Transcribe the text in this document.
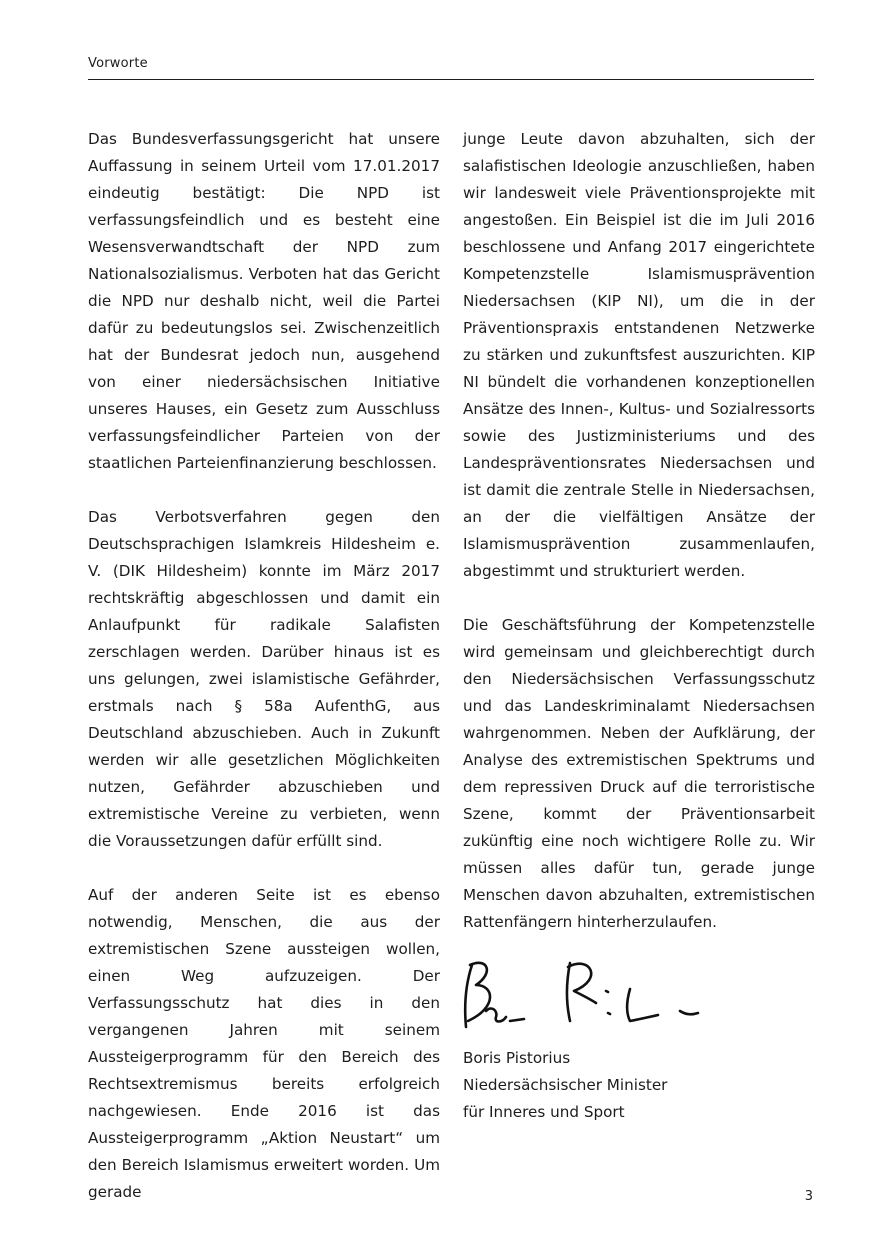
Vorworte

Das Bundesverfassungsgericht hat unsere Auffassung in seinem Urteil vom 17.01.2017 eindeutig bestätigt: Die NPD ist verfassungsfeindlich und es besteht eine Wesensverwandtschaft der NPD zum Nationalsozialismus. Verboten hat das Gericht die NPD nur deshalb nicht, weil die Partei dafür zu bedeutungslos sei. Zwischenzeitlich hat der Bundesrat jedoch nun, ausgehend von einer niedersächsischen Initiative unseres Hauses, ein Gesetz zum Ausschluss verfassungsfeindlicher Parteien von der staatlichen Parteienfinanzierung beschlossen.

Das Verbotsverfahren gegen den Deutschsprachigen Islamkreis Hildesheim e. V. (DIK Hildesheim) konnte im März 2017 rechtskräftig abgeschlossen und damit ein Anlaufpunkt für radikale Salafisten zerschlagen werden. Darüber hinaus ist es uns gelungen, zwei islamistische Gefährder, erstmals nach § 58a AufenthG, aus Deutschland abzuschieben. Auch in Zukunft werden wir alle gesetzlichen Möglichkeiten nutzen, Gefährder abzuschieben und extremistische Vereine zu verbieten, wenn die Voraussetzungen dafür erfüllt sind.

Auf der anderen Seite ist es ebenso notwendig, Menschen, die aus der extremistischen Szene aussteigen wollen, einen Weg aufzuzeigen. Der Verfassungsschutz hat dies in den vergangenen Jahren mit seinem Aussteigerprogramm für den Bereich des Rechtsextremismus bereits erfolgreich nachgewiesen. Ende 2016 ist das Aussteigerprogramm „Aktion Neustart“ um den Bereich Islamismus erweitert worden. Um gerade

junge Leute davon abzuhalten, sich der salafistischen Ideologie anzuschließen, haben wir landesweit viele Präventionsprojekte mit angestoßen. Ein Beispiel ist die im Juli 2016 beschlossene und Anfang 2017 eingerichtete Kompetenzstelle Islamismusprävention Niedersachsen (KIP NI), um die in der Präventionspraxis entstandenen Netzwerke zu stärken und zukunftsfest auszurichten. KIP NI bündelt die vorhandenen konzeptionellen Ansätze des Innen-, Kultus- und Sozialressorts sowie des Justizministeriums und des Landespräventionsrates Niedersachsen und ist damit die zentrale Stelle in Niedersachsen, an der die vielfältigen Ansätze der Islamismusprävention zusammenlaufen, abgestimmt und strukturiert werden.

Die Geschäftsführung der Kompetenzstelle wird gemeinsam und gleichberechtigt durch den Niedersächsischen Verfassungsschutz und das Landeskriminalamt Niedersachsen wahrgenommen. Neben der Aufklärung, der Analyse des extremistischen Spektrums und dem repressiven Druck auf die terroristische Szene, kommt der Präventionsarbeit zukünftig eine noch wichtigere Rolle zu. Wir müssen alles dafür tun, gerade junge Menschen davon abzuhalten, extremistischen Rattenfängern hinterherzulaufen.

Boris Pistorius
Niedersächsischer Minister
für Inneres und Sport
3
